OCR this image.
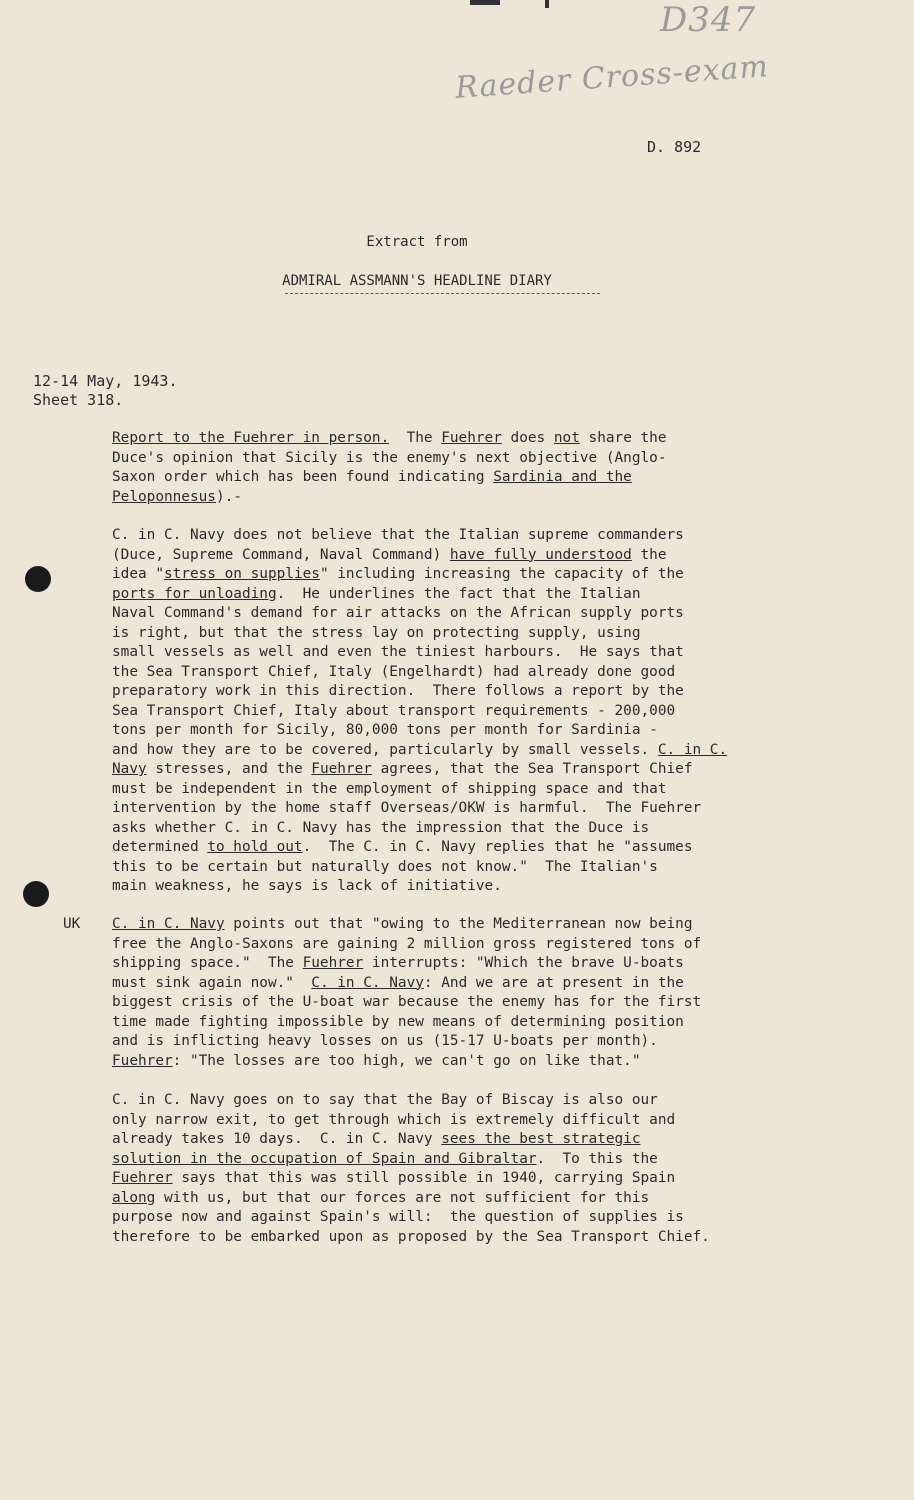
D347
Raeder Cross-exam
D. 892
Extract from
ADMIRAL ASSMANN'S HEADLINE DIARY
12-14 May, 1943.
Sheet 318.
UK
Report to the Fuehrer in person.  The Fuehrer does not share the
Duce's opinion that Sicily is the enemy's next objective (Anglo-
Saxon order which has been found indicating Sardinia and the
Peloponnesus).-
C. in C. Navy does not believe that the Italian supreme commanders
(Duce, Supreme Command, Naval Command) have fully understood the
idea "stress on supplies" including increasing the capacity of the
ports for unloading.  He underlines the fact that the Italian
Naval Command's demand for air attacks on the African supply ports
is right, but that the stress lay on protecting supply, using
small vessels as well and even the tiniest harbours.  He says that
the Sea Transport Chief, Italy (Engelhardt) had already done good
preparatory work in this direction.  There follows a report by the
Sea Transport Chief, Italy about transport requirements - 200,000
tons per month for Sicily, 80,000 tons per month for Sardinia -
and how they are to be covered, particularly by small vessels. C. in C.
Navy stresses, and the Fuehrer agrees, that the Sea Transport Chief
must be independent in the employment of shipping space and that
intervention by the home staff Overseas/OKW is harmful.  The Fuehrer
asks whether C. in C. Navy has the impression that the Duce is
determined to hold out.  The C. in C. Navy replies that he "assumes
this to be certain but naturally does not know."  The Italian's
main weakness, he says is lack of initiative.
C. in C. Navy points out that "owing to the Mediterranean now being
free the Anglo-Saxons are gaining 2 million gross registered tons of
shipping space."  The Fuehrer interrupts: "Which the brave U-boats
must sink again now."  C. in C. Navy: And we are at present in the
biggest crisis of the U-boat war because the enemy has for the first
time made fighting impossible by new means of determining position
and is inflicting heavy losses on us (15-17 U-boats per month).
Fuehrer: "The losses are too high, we can't go on like that."
C. in C. Navy goes on to say that the Bay of Biscay is also our
only narrow exit, to get through which is extremely difficult and
already takes 10 days.  C. in C. Navy sees the best strategic
solution in the occupation of Spain and Gibraltar.  To this the
Fuehrer says that this was still possible in 1940, carrying Spain
along with us, but that our forces are not sufficient for this
purpose now and against Spain's will:  the question of supplies is
therefore to be embarked upon as proposed by the Sea Transport Chief.
